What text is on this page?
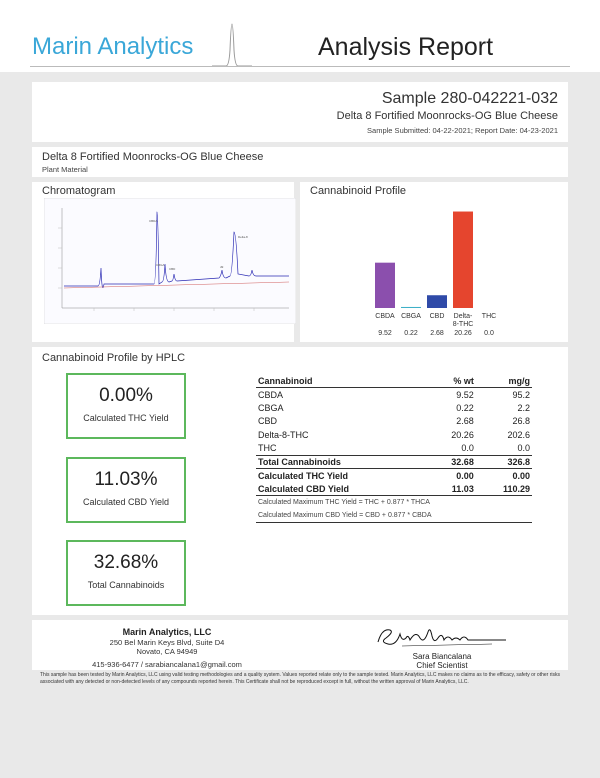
Marin Analytics	Analysis Report
Sample 280-042221-032
Delta 8 Fortified Moonrocks-OG Blue Cheese
Sample Submitted: 04-22-2021; Report Date: 04-23-2021
Delta 8 Fortified Moonrocks-OG Blue Cheese
Plant Material
Chromatogram
CBDA
Delta-8
CBGA
CBD	d9
Cannabinoid Profile
CBDA
9.52
CBGA
0.22
CBD
2.68
Delta-
8-THC
20.26
THC
0.0
Cannabinoid Profile by HPLC
0.00%
Calculated THC Yield
11.03%
Calculated CBD Yield
32.68%
Total Cannabinoids
Cannabinoid	% wt	mg/g
CBDA	9.52	95.2
CBGA	0.22	2.2
CBD	2.68	26.8
Delta-8-THC	20.26	202.6
THC	0.0	0.0
Total Cannabinoids	32.68	326.8
Calculated THC Yield	0.00	0.00
Calculated CBD Yield	11.03	110.29
Calculated Maximum THC Yield = THC + 0.877 * THCA		
Calculated Maximum CBD Yield = CBD + 0.877 * CBDA		
Marin Analytics, LLC
250 Bel Marin Keys Blvd, Suite D4
Novato, CA 94949
415-936-6477 / sarabiancalana1@gmail.com
Sara Biancalana
Chief Scientist
This sample has been tested by Marin Analytics, LLC using valid testing methodologies and a quality system. Values reported relate only to the sample tested. Marin Analytics, LLC makes no claims as to the efficacy, safety or other risks associated with any detected or non-detected levels of any compounds reported herein. This Certificate shall not be reproduced except in full, without the written approval of Marin Analytics, LLC.
